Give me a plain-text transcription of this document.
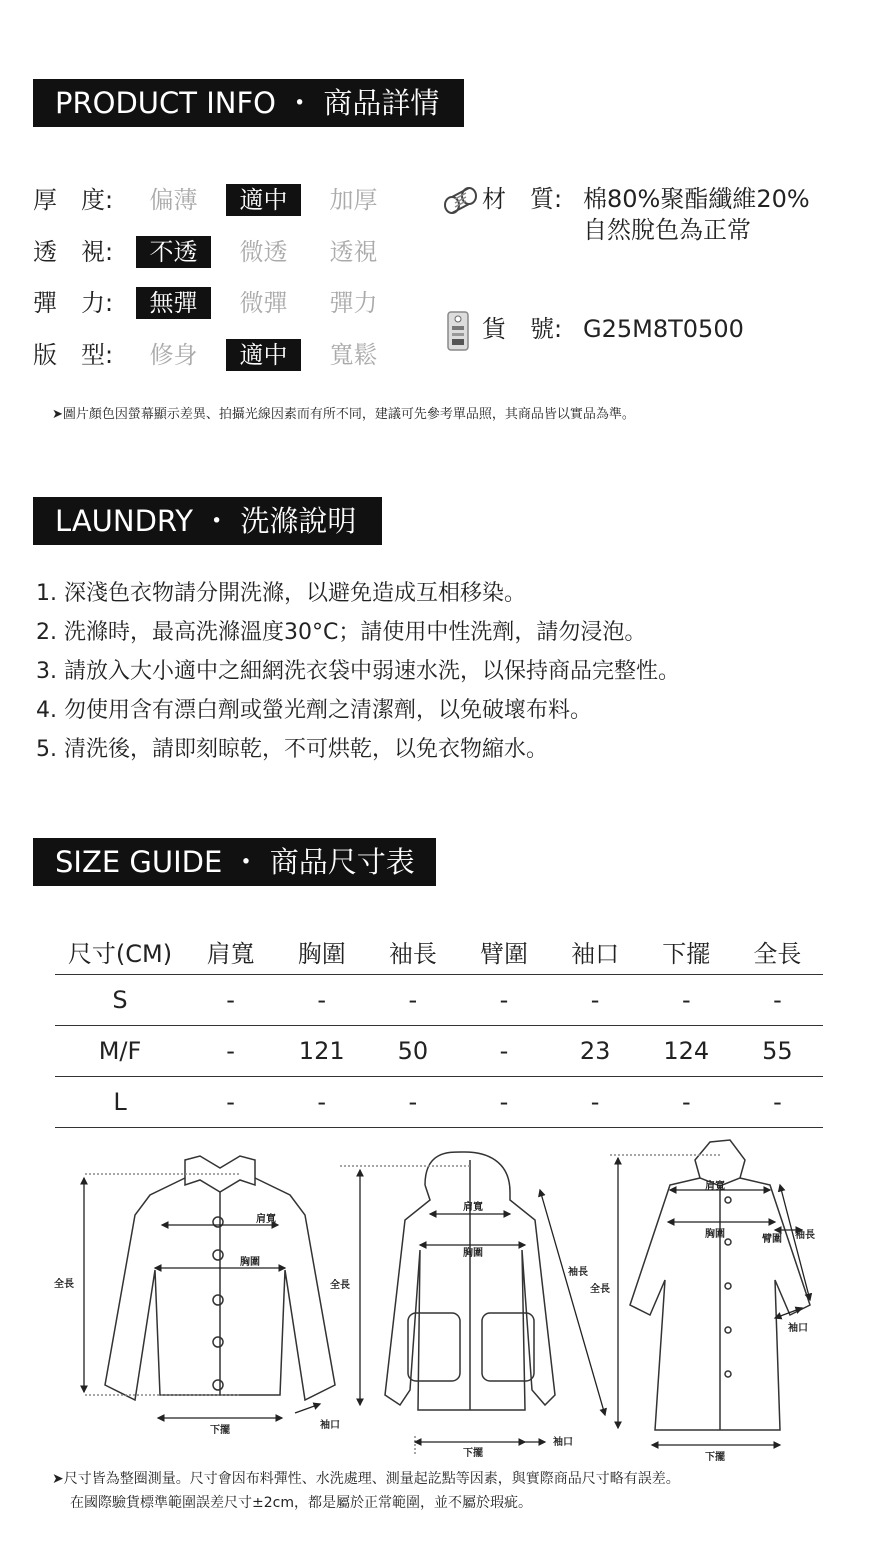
PRODUCT INFO ・ 商品詳情
厚　度:	偏薄	適中	加厚
透　視:	不透	微透	透視
彈　力:	無彈	微彈	彈力
版　型:	修身	適中	寬鬆
材　質: 棉80%聚酯纖維20%
自然脫色為正常
貨　號: G25M8T0500
➤圖片顏色因螢幕顯示差異、拍攝光線因素而有所不同，建議可先參考單品照，其商品皆以實品為準。
LAUNDRY ・ 洗滌說明
1. 深淺色衣物請分開洗滌，以避免造成互相移染。
2. 洗滌時，最高洗滌溫度30°C；請使用中性洗劑，請勿浸泡。
3. 請放入大小適中之細網洗衣袋中弱速水洗，以保持商品完整性。
4. 勿使用含有漂白劑或螢光劑之清潔劑，以免破壞布料。
5. 清洗後，請即刻晾乾，不可烘乾，以免衣物縮水。
SIZE GUIDE ・ 商品尺寸表
尺寸(CM)	肩寬	胸圍	袖長	臂圍	袖口	下擺	全長
S	-	-	-	-	-	-	-
M/F	-	121	50	-	23	124	55
L	-	-	-	-	-	-	-
全長
肩寬
胸圍
下擺	袖口
全長
肩寬
胸圍
袖長
下擺
袖口
全長
肩寬
胸圍	臂圍 袖長
袖口
下擺
➤尺寸皆為整圈測量。尺寸會因布料彈性、水洗處理、測量起訖點等因素，與實際商品尺寸略有誤差。
在國際驗貨標準範圍誤差尺寸±2cm，都是屬於正常範圍，並不屬於瑕疵。
